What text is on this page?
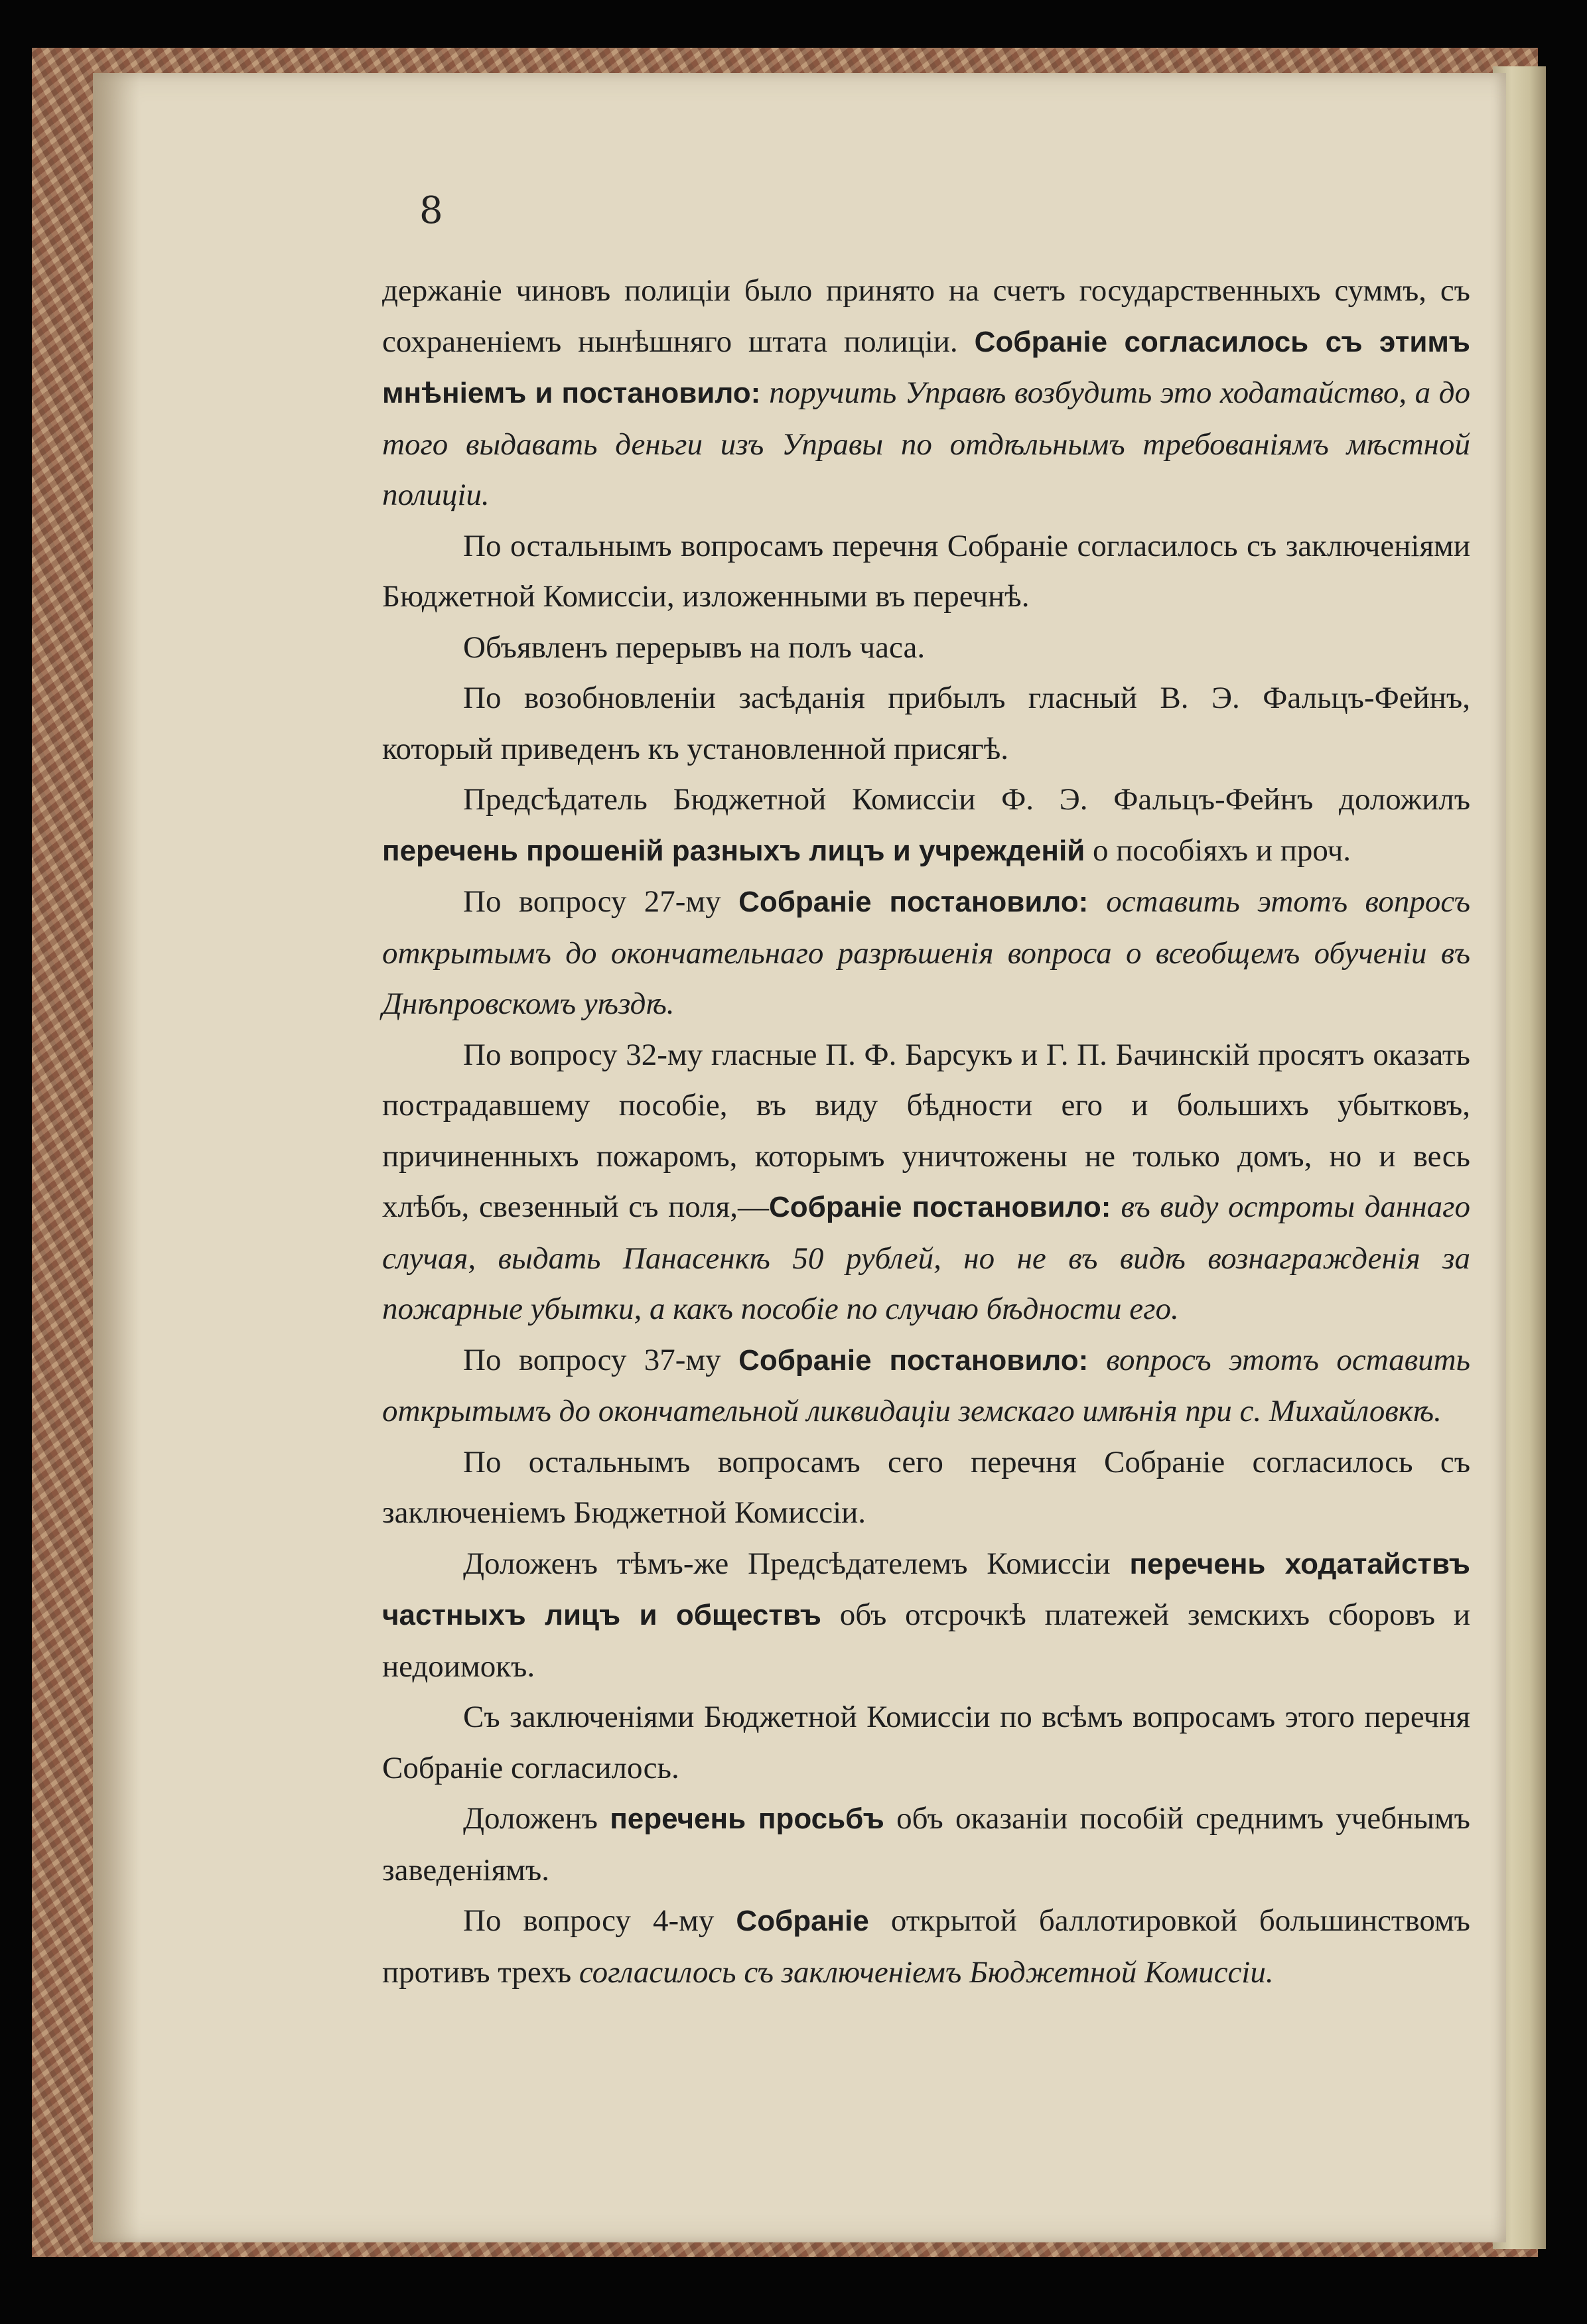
8

держаніе чиновъ полиціи было принято на счетъ государственныхъ суммъ, съ сохраненіемъ нынѣшняго штата полиціи. Собраніе согласилось съ этимъ мнѣніемъ и постановило: поручить Управѣ возбудить это ходатайство, а до того выдавать деньги изъ Управы по отдѣльнымъ требованіямъ мѣстной полиціи.

По остальнымъ вопросамъ перечня Собраніе согласилось съ заключеніями Бюджетной Комиссіи, изложенными въ перечнѣ.

Объявленъ перерывъ на полъ часа.

По возобновленіи засѣданія прибылъ гласный В. Э. Фальцъ-Фейнъ, который приведенъ къ установленной присягѣ.

Предсѣдатель Бюджетной Комиссіи Ф. Э. Фальцъ-Фейнъ доложилъ перечень прошеній разныхъ лицъ и учрежденій о пособіяхъ и проч.

По вопросу 27-му Собраніе постановило: оставить этотъ вопросъ открытымъ до окончательнаго разрѣшенія вопроса о всеобщемъ обученіи въ Днѣпровскомъ уѣздѣ.

По вопросу 32-му гласные П. Ф. Барсукъ и Г. П. Бачинскій просятъ оказать пострадавшему пособіе, въ виду бѣдности его и большихъ убытковъ, причиненныхъ пожаромъ, которымъ уничтожены не только домъ, но и весь хлѣбъ, свезенный съ поля,—Собраніе постановило: въ виду остроты даннаго случая, выдать Панасенкѣ 50 рублей, но не въ видѣ вознагражденія за пожарные убытки, а какъ пособіе по случаю бѣдности его.

По вопросу 37-му Собраніе постановило: вопросъ этотъ оставить открытымъ до окончательной ликвидаціи земскаго имѣнія при с. Михайловкѣ.

По остальнымъ вопросамъ сего перечня Собраніе согласилось съ заключеніемъ Бюджетной Комиссіи.

Доложенъ тѣмъ-же Предсѣдателемъ Комиссіи перечень ходатайствъ частныхъ лицъ и обществъ объ отсрочкѣ платежей земскихъ сборовъ и недоимокъ.

Съ заключеніями Бюджетной Комиссіи по всѣмъ вопросамъ этого перечня Собраніе согласилось.

Доложенъ перечень просьбъ объ оказаніи пособій среднимъ учебнымъ заведеніямъ.

По вопросу 4-му Собраніе открытой баллотировкой большинствомъ противъ трехъ согласилось съ заключеніемъ Бюджетной Комиссіи.
